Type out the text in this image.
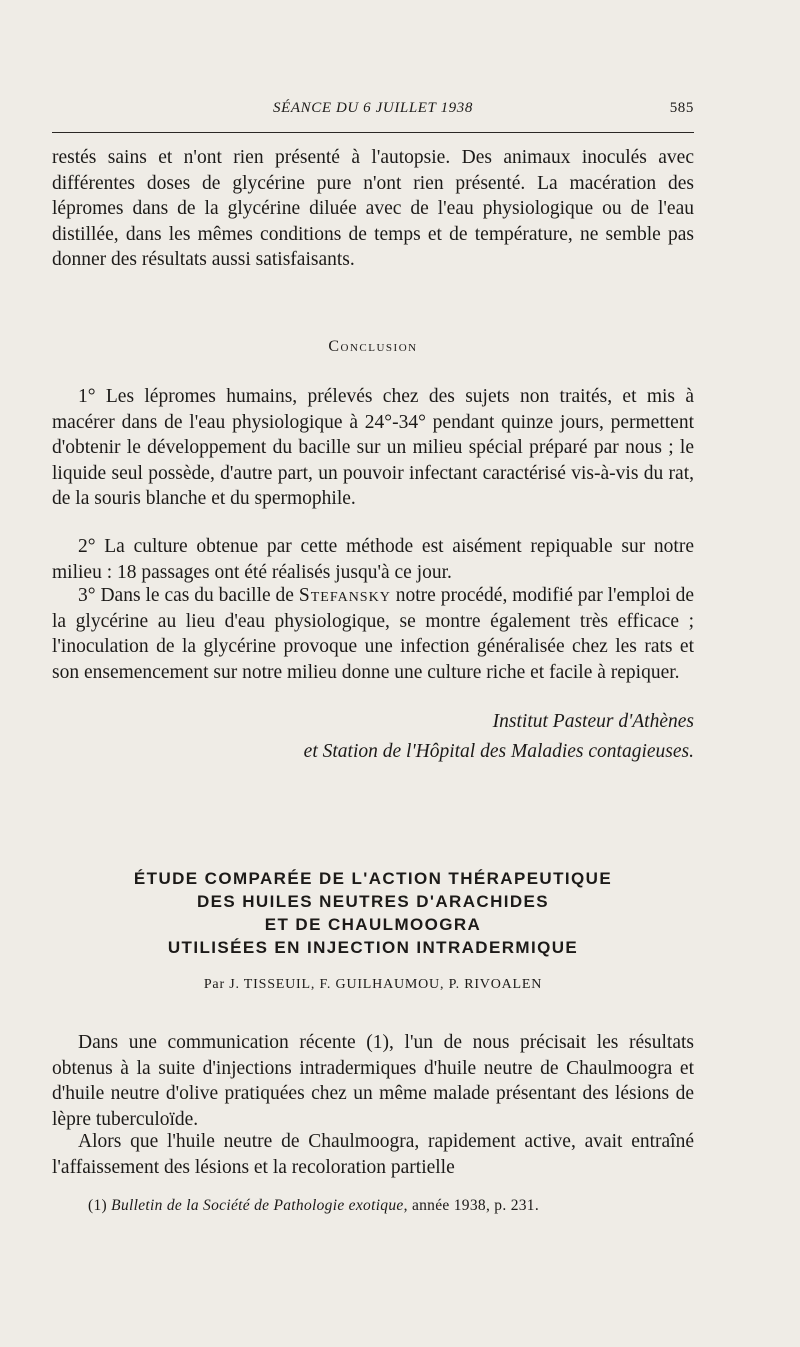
SÉANCE DU 6 JUILLET 1938	585
restés sains et n'ont rien présenté à l'autopsie. Des animaux inoculés avec différentes doses de glycérine pure n'ont rien présenté. La macération des lépromes dans de la glycérine diluée avec de l'eau physiologique ou de l'eau distillée, dans les mêmes conditions de temps et de température, ne semble pas donner des résultats aussi satisfaisants.
Conclusion
1° Les lépromes humains, prélevés chez des sujets non traités, et mis à macérer dans de l'eau physiologique à 24°-34° pendant quinze jours, permettent d'obtenir le développement du bacille sur un milieu spécial préparé par nous ; le liquide seul possède, d'autre part, un pouvoir infectant caractérisé vis-à-vis du rat, de la souris blanche et du spermophile.
2° La culture obtenue par cette méthode est aisément repiquable sur notre milieu : 18 passages ont été réalisés jusqu'à ce jour.
3° Dans le cas du bacille de Stefansky notre procédé, modifié par l'emploi de la glycérine au lieu d'eau physiologique, se montre également très efficace ; l'inoculation de la glycérine provoque une infection généralisée chez les rats et son ensemencement sur notre milieu donne une culture riche et facile à repiquer.
Institut Pasteur d'Athènes
et Station de l'Hôpital des Maladies contagieuses.
ÉTUDE COMPARÉE DE L'ACTION THÉRAPEUTIQUE
DES HUILES NEUTRES D'ARACHIDES
ET DE CHAULMOOGRA
UTILISÉES EN INJECTION INTRADERMIQUE
Par J. TISSEUIL, F. GUILHAUMOU, P. RIVOALEN
Dans une communication récente (1), l'un de nous précisait les résultats obtenus à la suite d'injections intradermiques d'huile neutre de Chaulmoogra et d'huile neutre d'olive pratiquées chez un même malade présentant des lésions de lèpre tuberculoïde.
Alors que l'huile neutre de Chaulmoogra, rapidement active, avait entraîné l'affaissement des lésions et la recoloration partielle
(1) Bulletin de la Société de Pathologie exotique, année 1938, p. 231.
